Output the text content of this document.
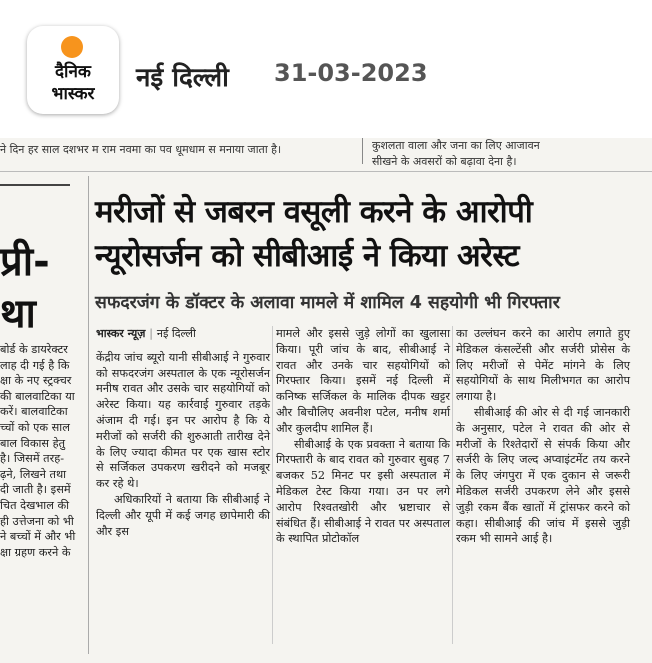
दैनिक
भास्कर
नई दिल्ली 31-03-2023
ने दिन हर साल दशभर म राम नवमा का पव धूमधाम स मनाया जाता है।	कुशलता वाला और जना का लिए आजावन
सीखने के अवसरों को बढ़ावा देना है।
प्री-
था
बोर्ड के डायरेक्टर
लाह दी गई है कि
क्षा के नए स्ट्रक्चर
की बालवाटिका या
करें। बालवाटिका
च्चों को एक साल
बाल विकास हेतु
है। जिसमें तरह-
ढ़ने, लिखने तथा
दी जाती है। इसमें
चित देखभाल की
ही उत्तेजना को भी
ने बच्चों में और भी
क्षा ग्रहण करने के
मरीजों से जबरन वसूली करने के आरोपी
न्यूरोसर्जन को सीबीआई ने किया अरेस्ट
सफदरजंग के डॉक्टर के अलावा मामले में शामिल 4 सहयोगी भी गिरफ्तार
भास्कर न्यूज़ | नई दिल्ली

केंद्रीय जांच ब्यूरो यानी सीबीआई ने गुरुवार को सफदरजंग अस्पताल के एक न्यूरोसर्जन मनीष रावत और उसके चार सहयोगियों को अरेस्ट किया। यह कार्रवाई गुरुवार तड़के अंजाम दी गई। इन पर आरोप है कि ये मरीजों को सर्जरी की शुरुआती तारीख देने के लिए ज्यादा कीमत पर एक खास स्टोर से सर्जिकल उपकरण खरीदने को मजबूर कर रहे थे।

अधिकारियों ने बताया कि सीबीआई ने दिल्ली और यूपी में कई जगह छापेमारी की और इस

मामले और इससे जुड़े लोगों का खुलासा किया। पूरी जांच के बाद, सीबीआई ने रावत और उनके चार सहयोगियों को गिरफ्तार किया। इसमें नई दिल्ली में कनिष्क सर्जिकल के मालिक दीपक खट्टर और बिचौलिए अवनीश पटेल, मनीष शर्मा और कुलदीप शामिल हैं।

सीबीआई के एक प्रवक्ता ने बताया कि गिरफ्तारी के बाद रावत को गुरुवार सुबह 7 बजकर 52 मिनट पर इसी अस्पताल में मेडिकल टेस्ट किया गया। उन पर लगे आरोप रिश्वतखोरी और भ्रष्टाचार से संबंधित हैं। सीबीआई ने रावत पर अस्पताल के स्थापित प्रोटोकॉल

का उल्लंघन करने का आरोप लगाते हुए मेडिकल कंसल्टेंसी और सर्जरी प्रोसेस के लिए मरीजों से पेमेंट मांगने के लिए सहयोगियों के साथ मिलीभगत का आरोप लगाया है।

सीबीआई की ओर से दी गई जानकारी के अनुसार, पटेल ने रावत की ओर से मरीजों के रिश्तेदारों से संपर्क किया और सर्जरी के लिए जल्द अप्वाइंटमेंट तय करने के लिए जंगपुरा में एक दुकान से जरूरी मेडिकल सर्जरी उपकरण लेने और इससे जुड़ी रकम बैंक खातों में ट्रांसफर करने को कहा। सीबीआई की जांच में इससे जुड़ी रकम भी सामने आई है।
